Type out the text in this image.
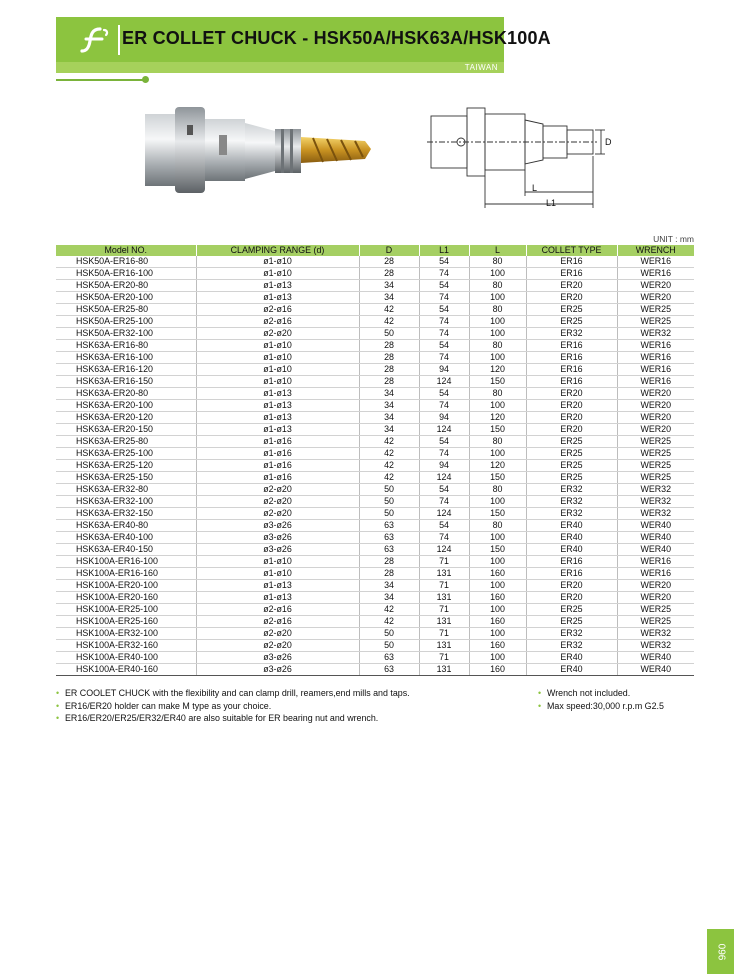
ER COLLET CHUCK - HSK50A/HSK63A/HSK100A
TAIWAN
D
L
L1
UNIT : mm
Model NO.	CLAMPING RANGE (d)	D	L1	L	COLLET TYPE	WRENCH
HSK50A-ER16-80	ø1-ø10	28	54	80	ER16	WER16
HSK50A-ER16-100	ø1-ø10	28	74	100	ER16	WER16
HSK50A-ER20-80	ø1-ø13	34	54	80	ER20	WER20
HSK50A-ER20-100	ø1-ø13	34	74	100	ER20	WER20
HSK50A-ER25-80	ø2-ø16	42	54	80	ER25	WER25
HSK50A-ER25-100	ø2-ø16	42	74	100	ER25	WER25
HSK50A-ER32-100	ø2-ø20	50	74	100	ER32	WER32
HSK63A-ER16-80	ø1-ø10	28	54	80	ER16	WER16
HSK63A-ER16-100	ø1-ø10	28	74	100	ER16	WER16
HSK63A-ER16-120	ø1-ø10	28	94	120	ER16	WER16
HSK63A-ER16-150	ø1-ø10	28	124	150	ER16	WER16
HSK63A-ER20-80	ø1-ø13	34	54	80	ER20	WER20
HSK63A-ER20-100	ø1-ø13	34	74	100	ER20	WER20
HSK63A-ER20-120	ø1-ø13	34	94	120	ER20	WER20
HSK63A-ER20-150	ø1-ø13	34	124	150	ER20	WER20
HSK63A-ER25-80	ø1-ø16	42	54	80	ER25	WER25
HSK63A-ER25-100	ø1-ø16	42	74	100	ER25	WER25
HSK63A-ER25-120	ø1-ø16	42	94	120	ER25	WER25
HSK63A-ER25-150	ø1-ø16	42	124	150	ER25	WER25
HSK63A-ER32-80	ø2-ø20	50	54	80	ER32	WER32
HSK63A-ER32-100	ø2-ø20	50	74	100	ER32	WER32
HSK63A-ER32-150	ø2-ø20	50	124	150	ER32	WER32
HSK63A-ER40-80	ø3-ø26	63	54	80	ER40	WER40
HSK63A-ER40-100	ø3-ø26	63	74	100	ER40	WER40
HSK63A-ER40-150	ø3-ø26	63	124	150	ER40	WER40
HSK100A-ER16-100	ø1-ø10	28	71	100	ER16	WER16
HSK100A-ER16-160	ø1-ø10	28	131	160	ER16	WER16
HSK100A-ER20-100	ø1-ø13	34	71	100	ER20	WER20
HSK100A-ER20-160	ø1-ø13	34	131	160	ER20	WER20
HSK100A-ER25-100	ø2-ø16	42	71	100	ER25	WER25
HSK100A-ER25-160	ø2-ø16	42	131	160	ER25	WER25
HSK100A-ER32-100	ø2-ø20	50	71	100	ER32	WER32
HSK100A-ER32-160	ø2-ø20	50	131	160	ER32	WER32
HSK100A-ER40-100	ø3-ø26	63	71	100	ER40	WER40
HSK100A-ER40-160	ø3-ø26	63	131	160	ER40	WER40
• ER COOLET CHUCK with the flexibility and can clamp drill, reamers,end mills and taps.
• ER16/ER20 holder can make M type as your choice.
• ER16/ER20/ER25/ER32/ER40 are also suitable for ER bearing nut and wrench.
• Wrench not included.
• Max speed:30,000 r.p.m G2.5
096
